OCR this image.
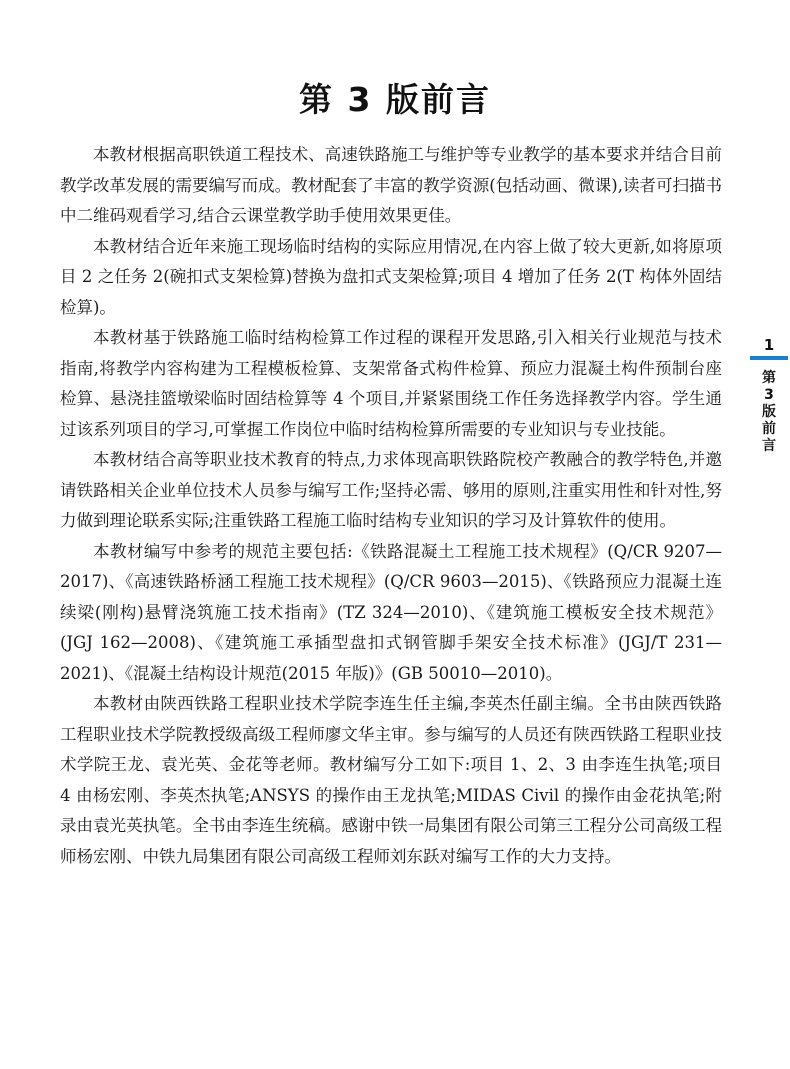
第 3 版前言

本教材根据高职铁道工程技术、高速铁路施工与维护等专业教学的基本要求并结合目前教学改革发展的需要编写而成。教材配套了丰富的教学资源(包括动画、微课),读者可扫描书中二维码观看学习,结合云课堂教学助手使用效果更佳。

本教材结合近年来施工现场临时结构的实际应用情况,在内容上做了较大更新,如将原项目 2 之任务 2(碗扣式支架检算)替换为盘扣式支架检算;项目 4 增加了任务 2(T 构体外固结检算)。

本教材基于铁路施工临时结构检算工作过程的课程开发思路,引入相关行业规范与技术指南,将教学内容构建为工程模板检算、支架常备式构件检算、预应力混凝土构件预制台座检算、悬浇挂篮墩梁临时固结检算等 4 个项目,并紧紧围绕工作任务选择教学内容。学生通过该系列项目的学习,可掌握工作岗位中临时结构检算所需要的专业知识与专业技能。

本教材结合高等职业技术教育的特点,力求体现高职铁路院校产教融合的教学特色,并邀请铁路相关企业单位技术人员参与编写工作;坚持必需、够用的原则,注重实用性和针对性,努力做到理论联系实际;注重铁路工程施工临时结构专业知识的学习及计算软件的使用。

本教材编写中参考的规范主要包括:《铁路混凝土工程施工技术规程》(Q/CR 9207—2017)、《高速铁路桥涵工程施工技术规程》(Q/CR 9603—2015)、《铁路预应力混凝土连续梁(刚构)悬臂浇筑施工技术指南》(TZ 324—2010)、《建筑施工模板安全技术规范》(JGJ 162—2008)、《建筑施工承插型盘扣式钢管脚手架安全技术标准》(JGJ/T 231—2021)、《混凝土结构设计规范(2015 年版)》(GB 50010—2010)。

本教材由陕西铁路工程职业技术学院李连生任主编,李英杰任副主编。全书由陕西铁路工程职业技术学院教授级高级工程师廖文华主审。参与编写的人员还有陕西铁路工程职业技术学院王龙、袁光英、金花等老师。教材编写分工如下:项目 1、2、3 由李连生执笔;项目 4 由杨宏刚、李英杰执笔;ANSYS 的操作由王龙执笔;MIDAS Civil 的操作由金花执笔;附录由袁光英执笔。全书由李连生统稿。感谢中铁一局集团有限公司第三工程分公司高级工程师杨宏刚、中铁九局集团有限公司高级工程师刘东跃对编写工作的大力支持。

1
第3版前言
